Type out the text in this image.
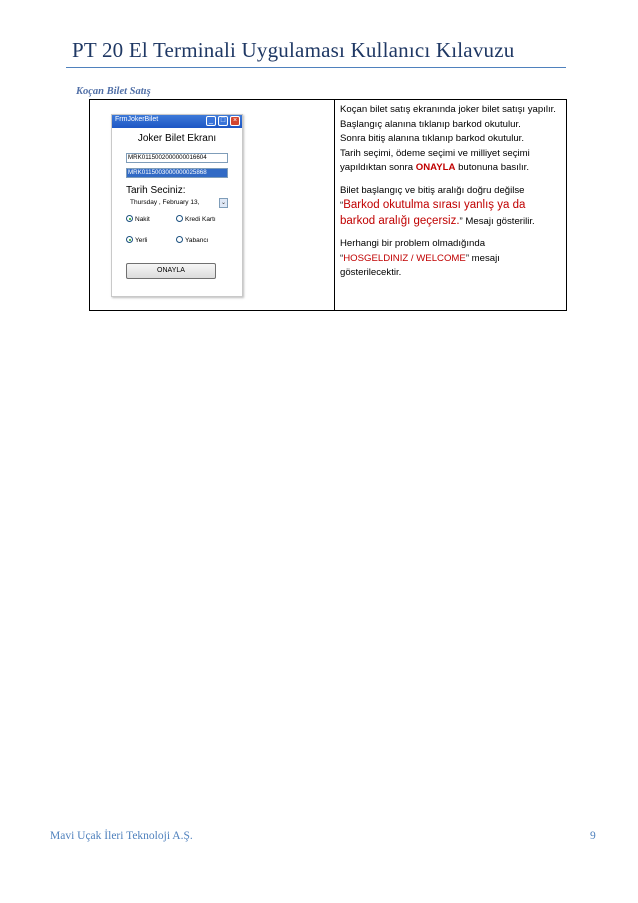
PT 20 El Terminali Uygulaması Kullanıcı Kılavuzu
Koçan Bilet Satış
FrmJokerBilet	_	□	×
Joker Bilet Ekranı
MRK0115002000000016604
MRK0115003000000025868
Tarih Seciniz:
Thursday , February 13,	⌄
Nakit	Kredi Kartı
Yerli	Yabancı
ONAYLA

Koçan bilet satış ekranında joker bilet satışı yapılır.
Başlangıç alanına tıklanıp barkod okutulur.
Sonra bitiş alanına tıklanıp barkod okutulur.
Tarih seçimi, ödeme seçimi ve milliyet seçimi yapıldıktan sonra ONAYLA butonuna basılır.

Bilet başlangıç ve bitiş aralığı doğru değilse
“Barkod okutulma sırası yanlış ya da barkod aralığı geçersiz.” Mesajı gösterilir.

Herhangi bir problem olmadığında
“HOSGELDINIZ / WELCOME” mesajı gösterilecektir.

Mavi Uçak İleri Teknoloji A.Ş.	9
